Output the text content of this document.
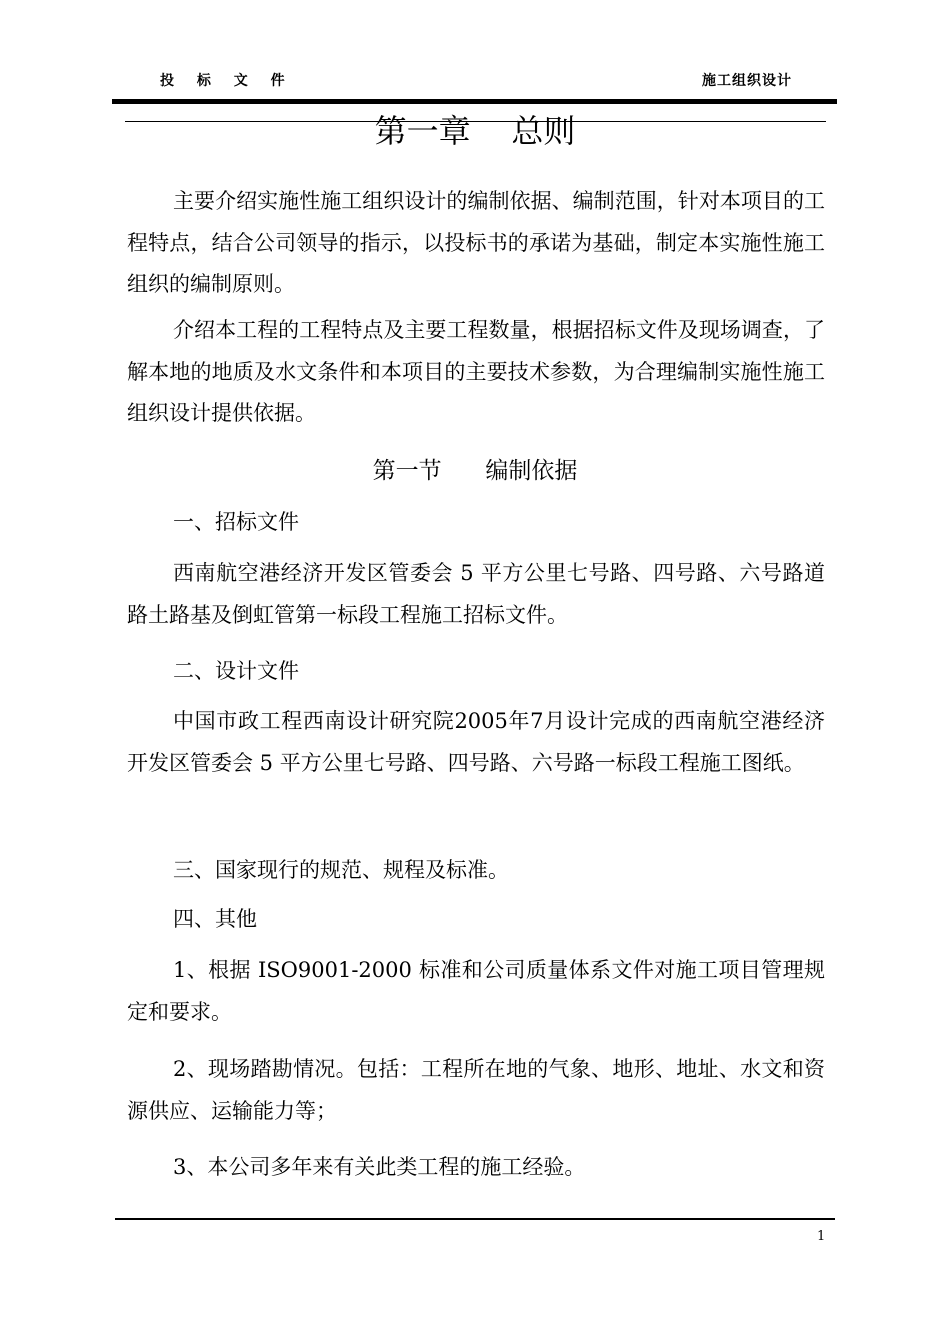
投 标 文 件	施工组织设计
第一章    总则

主要介绍实施性施工组织设计的编制依据、编制范围，针对本项目的工程特点，结合公司领导的指示，以投标书的承诺为基础，制定本实施性施工组织的编制原则。

介绍本工程的工程特点及主要工程数量，根据招标文件及现场调查，了解本地的地质及水文条件和本项目的主要技术参数，为合理编制实施性施工组织设计提供依据。

第一节      编制依据

一、招标文件

西南航空港经济开发区管委会 5 平方公里七号路、四号路、六号路道路土路基及倒虹管第一标段工程施工招标文件。

二、设计文件

中国市政工程西南设计研究院2005年7月设计完成的西南航空港经济开发区管委会 5 平方公里七号路、四号路、六号路一标段工程施工图纸。

三、国家现行的规范、规程及标准。

四、其他

1、根据 ISO9001-2000 标准和公司质量体系文件对施工项目管理规定和要求。

2、现场踏勘情况。包括：工程所在地的气象、地形、地址、水文和资源供应、运输能力等；

3、本公司多年来有关此类工程的施工经验。

1
